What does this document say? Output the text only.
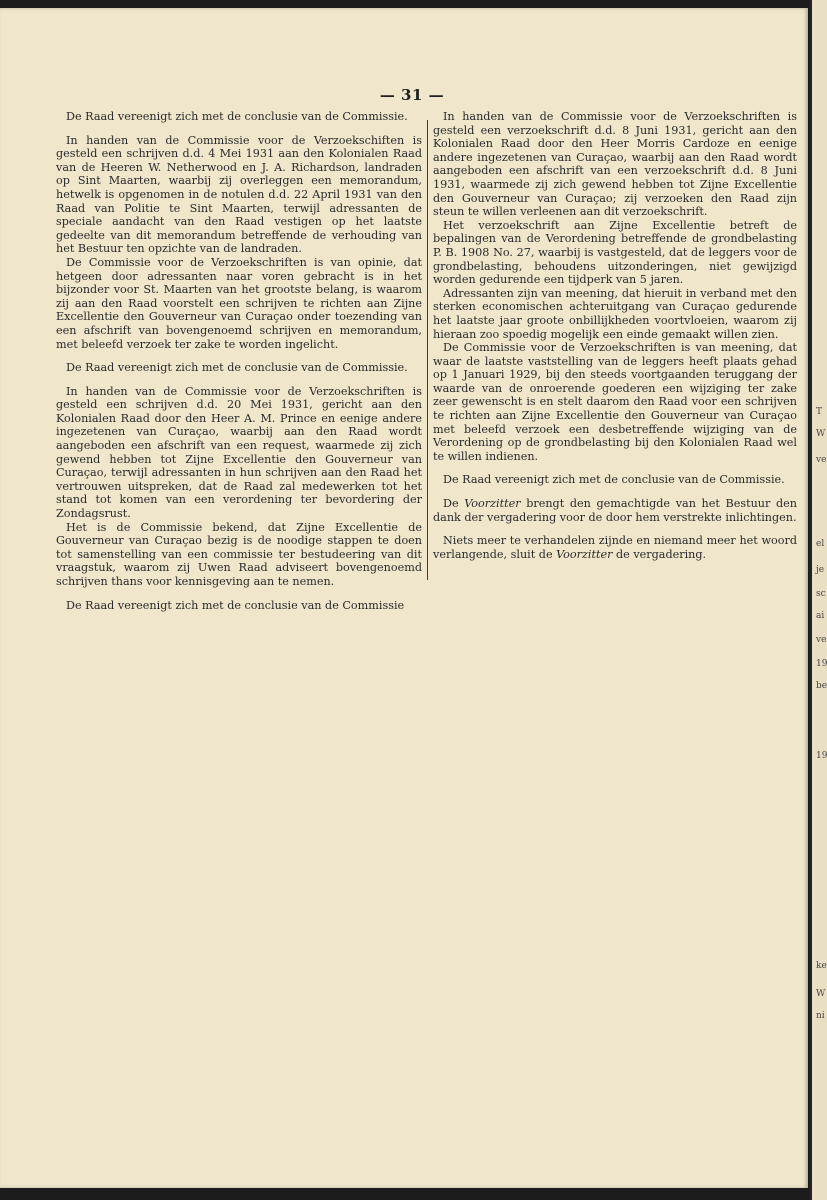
T
W
ve
el
je
sc
ai
ve
19
be
19
ke
W
ni
— 31 —

De Raad vereenigt zich met de conclusie van de Commissie.

In handen van de Commissie voor de Verzoekschiften is gesteld een schrijven d.d. 4 Mei 1931 aan den Kolonialen Raad van de Heeren W. Netherwood en J. A. Richardson, landraden op Sint Maarten, waarbij zij overleggen een memorandum, hetwelk is opgenomen in de notulen d.d. 22 April 1931 van den Raad van Politie te Sint Maarten, terwijl adressanten de speciale aandacht van den Raad vestigen op het laatste gedeelte van dit memorandum betreffende de verhouding van het Bestuur ten opzichte van de landraden.

De Commissie voor de Verzoekschriften is van opinie, dat hetgeen door adressanten naar voren gebracht is in het bijzonder voor St. Maarten van het grootste belang, is waarom zij aan den Raad voorstelt een schrijven te richten aan Zijne Excellentie den Gouverneur van Curaçao onder toezending van een afschrift van bovengenoemd schrijven en memorandum, met beleefd verzoek ter zake te worden ingelicht.

De Raad vereenigt zich met de conclusie van de Commissie.

In handen van de Commissie voor de Verzoekschriften is gesteld een schrijven d.d. 20 Mei 1931, gericht aan den Kolonialen Raad door den Heer A. M. Prince en eenige andere ingezetenen van Curaçao, waarbij aan den Raad wordt aangeboden een afschrift van een request, waarmede zij zich gewend hebben tot Zijne Excellentie den Gouverneur van Curaçao, terwijl adressanten in hun schrijven aan den Raad het vertrouwen uitspreken, dat de Raad zal medewerken tot het stand tot komen van een verordening ter bevordering der Zondagsrust.

Het is de Commissie bekend, dat Zijne Excellentie de Gouverneur van Curaçao bezig is de noodige stappen te doen tot samenstelling van een commissie ter bestudeering van dit vraagstuk, waarom zij Uwen Raad adviseert bovengenoemd schrijven thans voor kennisgeving aan te nemen.

De Raad vereenigt zich met de conclusie van de Commissie

In handen van de Commissie voor de Verzoekschriften is gesteld een verzoekschrift d.d. 8 Juni 1931, gericht aan den Kolonialen Raad door den Heer Morris Cardoze en eenige andere ingezetenen van Curaçao, waarbij aan den Raad wordt aangeboden een afschrift van een verzoekschrift d.d. 8 Juni 1931, waarmede zij zich gewend hebben tot Zijne Excellentie den Gouverneur van Curaçao; zij verzoeken den Raad zijn steun te willen verleenen aan dit verzoekschrift.

Het verzoekschrift aan Zijne Excellentie betreft de bepalingen van de Verordening betreffende de grondbelasting P. B. 1908 No. 27, waarbij is vastgesteld, dat de leggers voor de grondbelasting, behoudens uitzonderingen, niet gewijzigd worden gedurende een tijdperk van 5 jaren.

Adressanten zijn van meening, dat hieruit in verband met den sterken economischen achteruitgang van Curaçao gedurende het laatste jaar groote onbillijkheden voortvloeien, waarom zij hieraan zoo spoedig mogelijk een einde gemaakt willen zien.

De Commissie voor de Verzoekschriften is van meening, dat waar de laatste vaststelling van de leggers heeft plaats gehad op 1 Januari 1929, bij den steeds voortgaanden teruggang der waarde van de onroerende goederen een wijziging ter zake zeer gewenscht is en stelt daarom den Raad voor een schrijven te richten aan Zijne Excellentie den Gouverneur van Curaçao met beleefd verzoek een desbetreffende wijziging van de Verordening op de grondbelasting bij den Kolonialen Raad wel te willen indienen.

De Raad vereenigt zich met de conclusie van de Commissie.

De Voorzitter brengt den gemachtigde van het Bestuur den dank der vergadering voor de door hem verstrekte inlichtingen.

Niets meer te verhandelen zijnde en niemand meer het woord verlangende, sluit de Voorzitter de vergadering.
